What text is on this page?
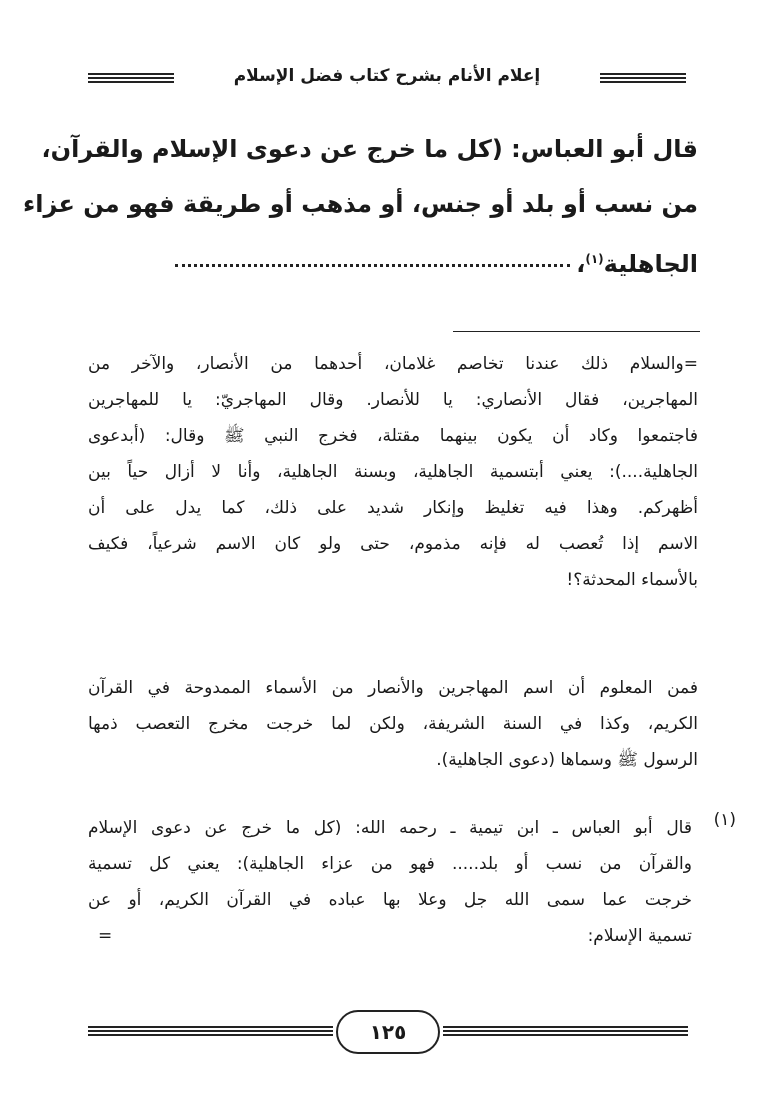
إعلام الأنام بشرح كتاب فضل الإسلام
قال أبو العباس: (كل ما خرج عن دعوى الإسلام والقرآن،
من نسب أو بلد أو جنس، أو مذهب أو طريقة فهو من عزاء
الجاهلية$^{(١)}$،
=والسلام ذلك عندنا تخاصم غلامان، أحدهما من الأنصار، والآخر من
المهاجرين، فقال الأنصاري: يا للأنصار. وقال المهاجريّ: يا للمهاجرين
فاجتمعوا وكاد أن يكون بينهما مقتلة، فخرج النبي ﷺ وقال: (أبدعوى
الجاهلية....): يعني أبتسمية الجاهلية، وبسنة الجاهلية، وأنا لا أزال حياً بين
أظهركم. وهذا فيه تغليظ وإنكار شديد على ذلك، كما يدل على أن
الاسم إذا تُعصب له فإنه مذموم، حتى ولو كان الاسم شرعياً، فكيف
بالأسماء المحدثة؟!
فمن المعلوم أن اسم المهاجرين والأنصار من الأسماء الممدوحة في القرآن
الكريم، وكذا في السنة الشريفة، ولكن لما خرجت مخرج التعصب ذمها
الرسول ﷺ وسماها (دعوى الجاهلية).
(١)
قال أبو العباس ـ ابن تيمية ـ رحمه الله: (كل ما خرج عن دعوى الإسلام
والقرآن من نسب أو بلد..... فهو من عزاء الجاهلية): يعني كل تسمية
خرجت عما سمى الله جل وعلا بها عباده في القرآن الكريم، أو عن
تسمية الإسلام:
=
١٢٥
